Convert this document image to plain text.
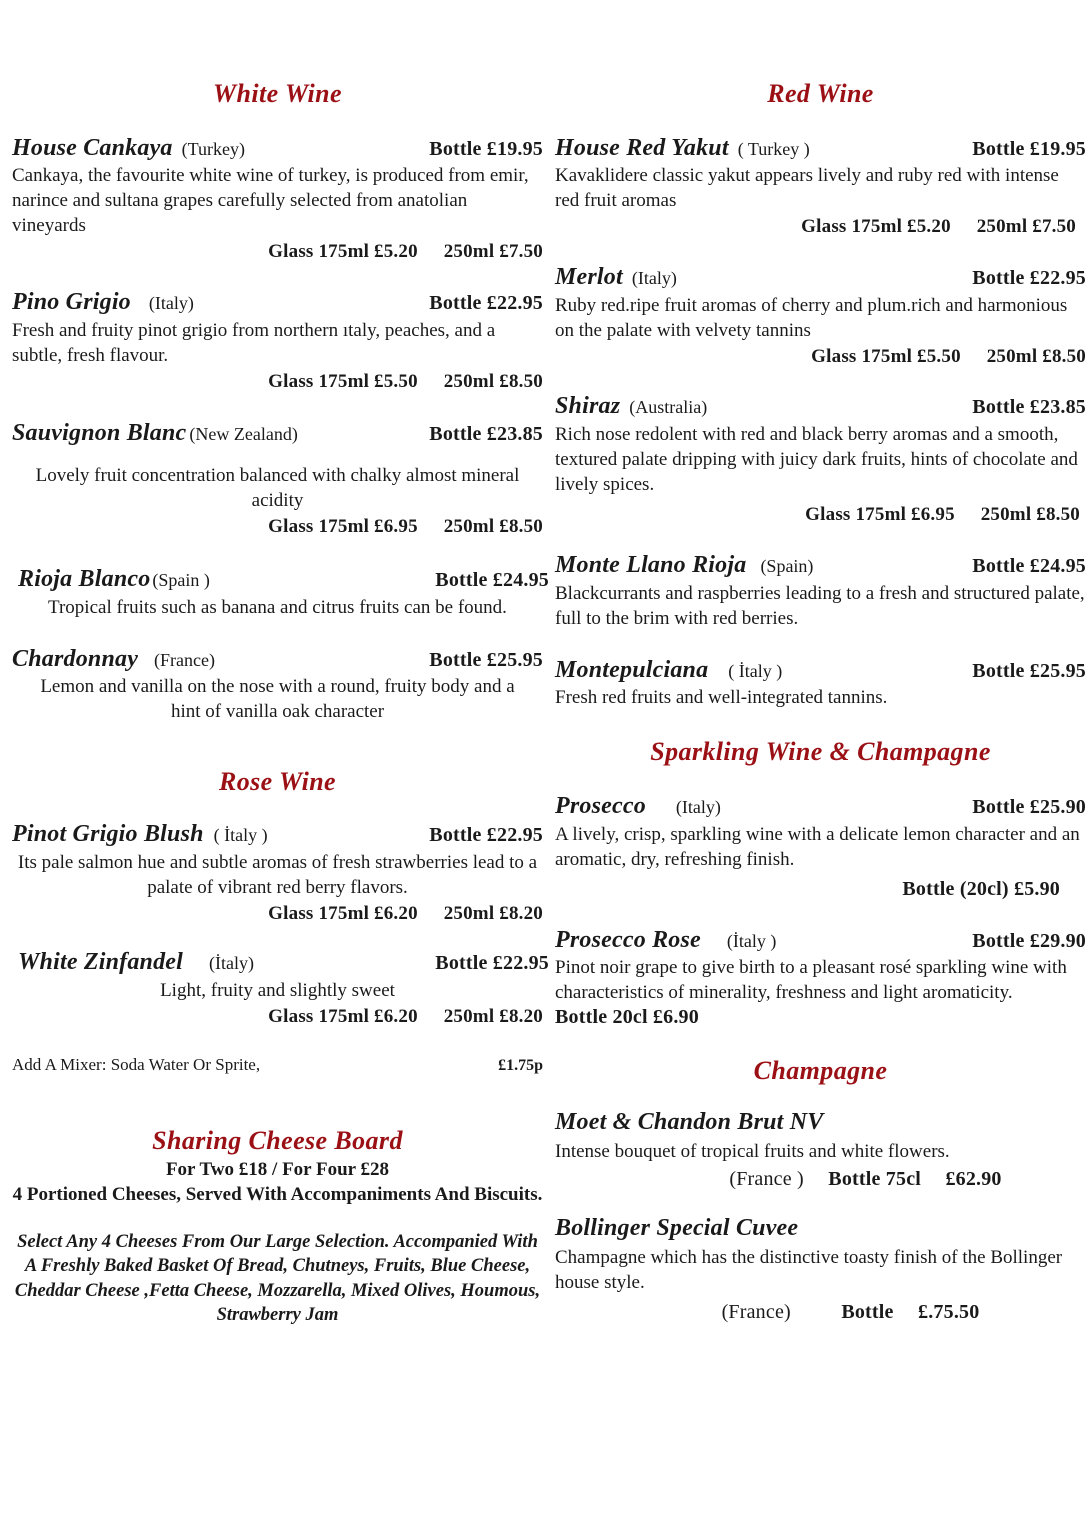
White Wine
House Cankaya (Turkey)	Bottle £19.95
Cankaya, the favourite white wine of turkey, is produced from emir, narince and sultana grapes carefully selected from anatolian vineyards
Glass 175ml £5.20 250ml £7.50
Pino Grigio	(Italy)	Bottle £22.95
Fresh and fruity pinot grigio from northern ıtaly, peaches, and a subtle, fresh flavour.
Glass 175ml £5.50 250ml £8.50
Sauvignon Blanc (New Zealand)	Bottle £23.85
Lovely fruit concentration balanced with chalky almost mineral acidity
Glass 175ml £6.95 250ml £8.50
Rioja Blanco (Spain )	Bottle £24.95
Tropical fruits such as banana and citrus fruits can be found.
Chardonnay (France)	Bottle £25.95
Lemon and vanilla on the nose with a round, fruity body and a hint of vanilla oak character
Rose Wine
Pinot Grigio Blush ( İtaly )	Bottle £22.95
Its pale salmon hue and subtle aromas of fresh strawberries lead to a palate of vibrant red berry flavors.
Glass 175ml £6.20 250ml £8.20
White Zinfandel	(İtaly)	Bottle £22.95
Light, fruity and slightly sweet
Glass 175ml £6.20 250ml £8.20
Add A Mixer: Soda Water Or Sprite,	£1.75p
Sharing Cheese Board
For Two £18 / For Four £28
4 Portioned Cheeses, Served With Accompaniments And Biscuits.
Select Any 4 Cheeses From Our Large Selection. Accompanied With A Freshly Baked Basket Of Bread, Chutneys, Fruits, Blue Cheese, Cheddar Cheese ,Fetta Cheese, Mozzarella, Mixed Olives, Houmous, Strawberry Jam
Red Wine
House Red Yakut ( Turkey )	Bottle £19.95
Kavaklidere classic yakut appears lively and ruby red with intense red fruit aromas
Glass 175ml £5.20 250ml £7.50
Merlot (Italy)	Bottle £22.95
Ruby red.ripe fruit aromas of cherry and plum.rich and harmonious on the palate with velvety tannins
Glass 175ml £5.50 250ml £8.50
Shiraz (Australia)	Bottle £23.85
Rich nose redolent with red and black berry aromas and a smooth, textured palate dripping with juicy dark fruits, hints of chocolate and lively spices.
Glass 175ml £6.95 250ml £8.50
Monte Llano Rioja (Spain)	Bottle £24.95
Blackcurrants and raspberries leading to a fresh and structured palate, full to the brim with red berries.
Montepulciana	( İtaly )	Bottle £25.95
Fresh red fruits and well-integrated tannins.
Sparkling Wine & Champagne
Prosecco	(Italy)	Bottle £25.90
A lively, crisp, sparkling wine with a delicate lemon character and an aromatic, dry, refreshing finish.
Bottle (20cl) £5.90
Prosecco Rose	(İtaly )	Bottle £29.90
Pinot noir grape to give birth to a pleasant rosé sparkling wine with characteristics of minerality, freshness and light aromaticity.
Bottle 20cl £6.90
Champagne
Moet & Chandon Brut NV
Intense bouquet of tropical fruits and white flowers.
(France ) Bottle 75cl £62.90
Bollinger Special Cuvee
Champagne which has the distinctive toasty finish of the Bollinger house style.
(France)	Bottle £.75.50
